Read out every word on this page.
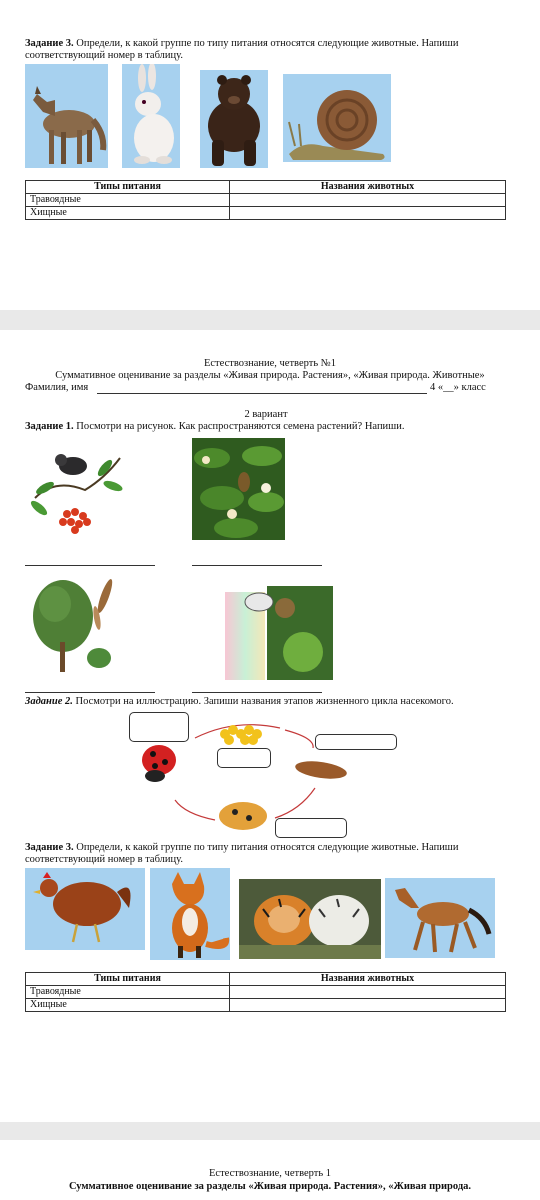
Задание 3. Определи, к какой группе по типу питания относятся следующие животные. Напиши соответствующий номер в таблицу.
Типы питания	Названия животных
Травоядные	
Хищные	
Естествознание, четверть №1
Суммативное оценивание за разделы «Живая природа. Растения», «Живая природа. Животные»
Фамилия, имя	4 «__» класс
2 вариант
Задание 1. Посмотри на рисунок. Как распространяются семена растений? Напиши.
Задание 2. Посмотри на иллюстрацию. Запиши названия этапов жизненного цикла насекомого.
Задание 3. Определи, к какой группе по типу питания относятся следующие животные. Напиши соответствующий номер в таблицу.
Типы питания	Названия животных
Травоядные	
Хищные	
Естествознание, четверть 1
Суммативное оценивание за разделы «Живая природа. Растения», «Живая природа.
